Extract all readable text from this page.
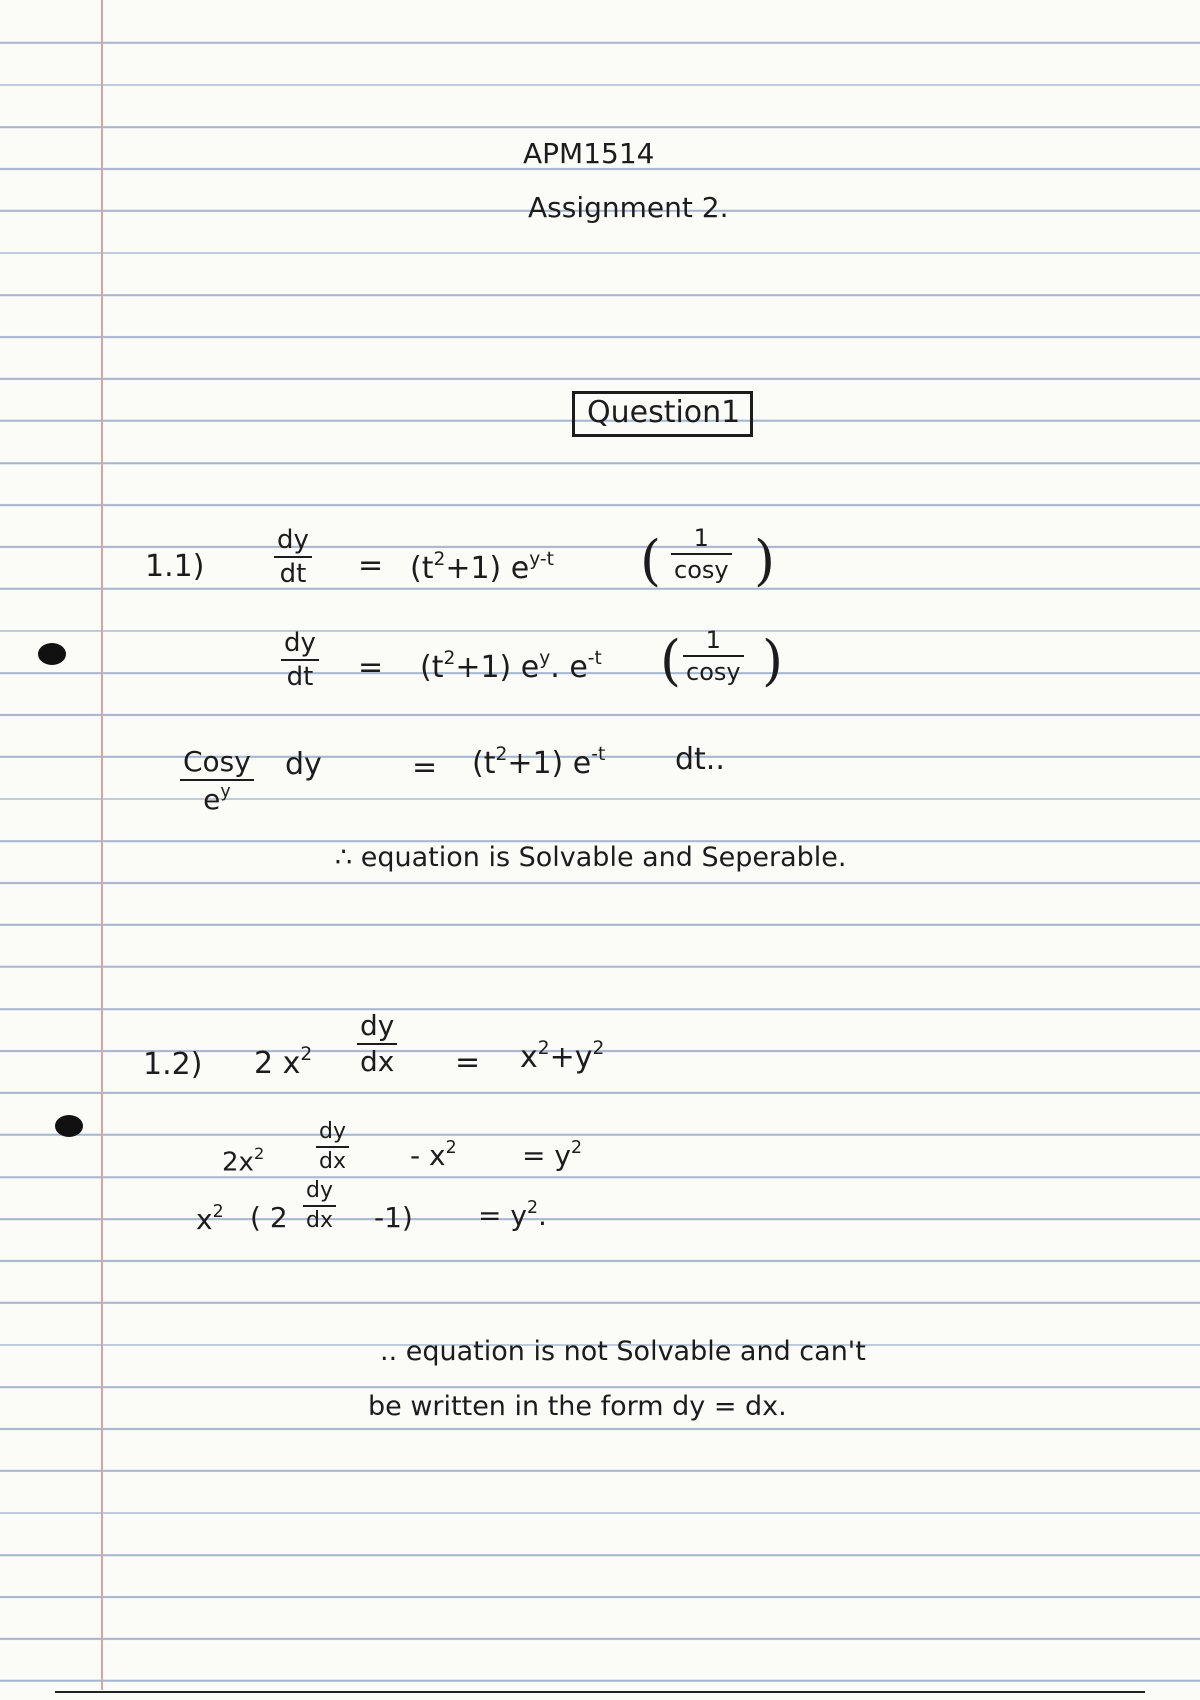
APM1514
Assignment 2.
Question1
1.1)
dy
dt = $(t^2+1)$ $e^{y-t}$ ( 1
cosy )
dy
dt = $(t^2+1)$ $e^y$. $e^{-t}$ ( 1
cosy )
Cosy
$e^y$
dy	= $(t^2+1)$ $e^{-t}$ dt..
∴ equation is Solvable and Seperable.
1.2) 2 $x^2$
dy
dx = $x^2+y^2$
$2x^2$
dy
dx - $x^2 = y^2$
$x^2$ ( 2
dy
dx $-1) = y^2$.
.. equation is not Solvable and can't
be written in the form dy = dx.
